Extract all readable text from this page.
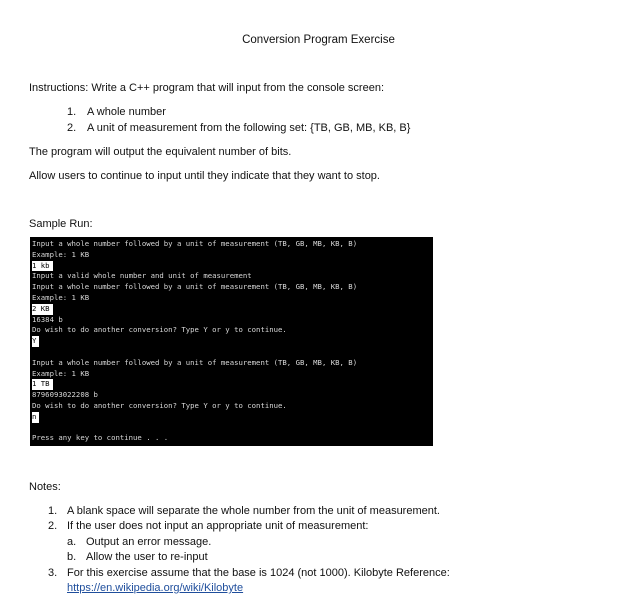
Conversion Program Exercise
Instructions: Write a C++ program that will input from the console screen:
1. A whole number
2. A unit of measurement from the following set: {TB, GB, MB, KB, B}
The program will output the equivalent number of bits.
Allow users to continue to input until they indicate that they want to stop.
Sample Run:
Input a whole number followed by a unit of measurement (TB, GB, MB, KB, B)
Example: 1 KB
1 kb
Input a valid whole number and unit of measurement
Input a whole number followed by a unit of measurement (TB, GB, MB, KB, B)
Example: 1 KB
2 KB
16384 b
Do wish to do another conversion? Type Y or y to continue.
Y
Input a whole number followed by a unit of measurement (TB, GB, MB, KB, B)
Example: 1 KB
1 TB
8796093022208 b
Do wish to do another conversion? Type Y or y to continue.
n
Press any key to continue . . .
Notes:
1. A blank space will separate the whole number from the unit of measurement.
2. If the user does not input an appropriate unit of measurement:
a. Output an error message.
b. Allow the user to re-input
3. For this exercise assume that the base is 1024 (not 1000). Kilobyte Reference:
https://en.wikipedia.org/wiki/Kilobyte
